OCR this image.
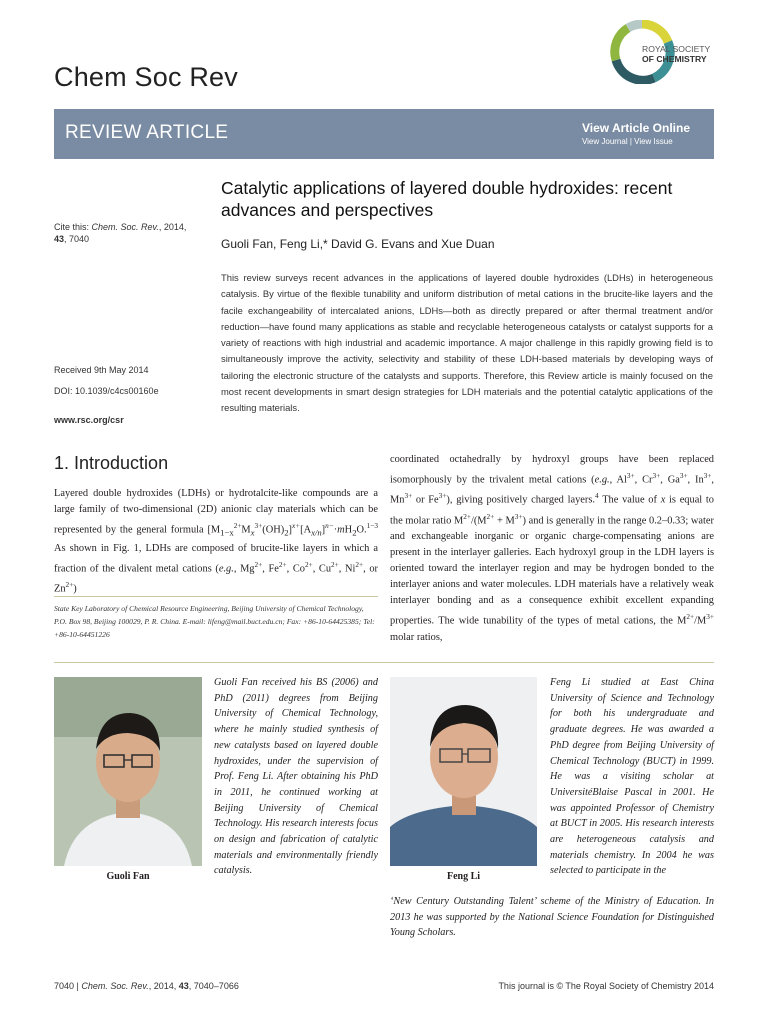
Chem Soc Rev
ROYAL SOCIETY
OF CHEMISTRY
REVIEW ARTICLE	View Article Online
View Journal | View Issue
Catalytic applications of layered double hydroxides: recent advances and perspectives
Guoli Fan, Feng Li,* David G. Evans and Xue Duan
Cite this: Chem. Soc. Rev., 2014,
43, 7040
Received 9th May 2014
DOI: 10.1039/c4cs00160e
www.rsc.org/csr
This review surveys recent advances in the applications of layered double hydroxides (LDHs) in heterogeneous catalysis. By virtue of the flexible tunability and uniform distribution of metal cations in the brucite-like layers and the facile exchangeability of intercalated anions, LDHs—both as directly prepared or after thermal treatment and/or reduction—have found many applications as stable and recyclable heterogeneous catalysts or catalyst supports for a variety of reactions with high industrial and academic importance. A major challenge in this rapidly growing field is to simultaneously improve the activity, selectivity and stability of these LDH-based materials by developing ways of tailoring the electronic structure of the catalysts and supports. Therefore, this Review article is mainly focused on the most recent developments in smart design strategies for LDH materials and the potential catalytic applications of the resulting materials.
1. Introduction
Layered double hydroxides (LDHs) or hydrotalcite-like compounds are a large family of two-dimensional (2D) anionic clay materials which can be represented by the general formula $[M_{1-x}^{2+}M_x^{3+}(OH)_2]^{x+}[A_{x/n}]^{n-}\cdot mH_2O.^{1-3}$ As shown in Fig. 1, LDHs are composed of brucite-like layers in which a fraction of the divalent metal cations (e.g., $Mg^{2+}$, $Fe^{2+}$, $Co^{2+}$, $Cu^{2+}$, $Ni^{2+}$, or $Zn^{2+}$)
State Key Laboratory of Chemical Resource Engineering, Beijing University of Chemical Technology, P.O. Box 98, Beijing 100029, P. R. China. E-mail: lifeng@mail.buct.edu.cn; Fax: +86-10-64425385; Tel: +86-10-64451226
coordinated octahedrally by hydroxyl groups have been replaced isomorphously by the trivalent metal cations (e.g., $Al^{3+}$, $Cr^{3+}$, $Ga^{3+}$, $In^{3+}$, $Mn^{3+}$ or $Fe^{3+}$), giving positively charged layers.$^4$ The value of x is equal to the molar ratio $M^{2+}/(M^{2+} + M^{3+})$ and is generally in the range 0.2–0.33; water and exchangeable inorganic or organic charge-compensating anions are present in the interlayer galleries. Each hydroxyl group in the LDH layers is oriented toward the interlayer region and may be hydrogen bonded to the interlayer anions and water molecules. LDH materials have a relatively weak interlayer bonding and as a consequence exhibit excellent expanding properties. The wide tunability of the types of metal cations, the $M^{2+}/M^{3+}$ molar ratios,
Guoli Fan
Guoli Fan received his BS (2006) and PhD (2011) degrees from Beijing University of Chemical Technology, where he mainly studied synthesis of new catalysts based on layered double hydroxides, under the supervision of Prof. Feng Li. After obtaining his PhD in 2011, he continued working at Beijing University of Chemical Technology. His research interests focus on design and fabrication of catalytic materials and environmentally friendly catalysis.
Feng Li
Feng Li studied at East China University of Science and Technology for both his undergraduate and graduate degrees. He was awarded a PhD degree from Beijing University of Chemical Technology (BUCT) in 1999. He was a visiting scholar at UniversitéBlaise Pascal in 2001. He was appointed Professor of Chemistry at BUCT in 2005. His research interests are heterogeneous catalysis and materials chemistry. In 2004 he was selected to participate in the
‘New Century Outstanding Talent’ scheme of the Ministry of Education. In 2013 he was supported by the National Science Foundation for Distinguished Young Scholars.
7040 | Chem. Soc. Rev., 2014, 43, 7040–7066	This journal is © The Royal Society of Chemistry 2014
